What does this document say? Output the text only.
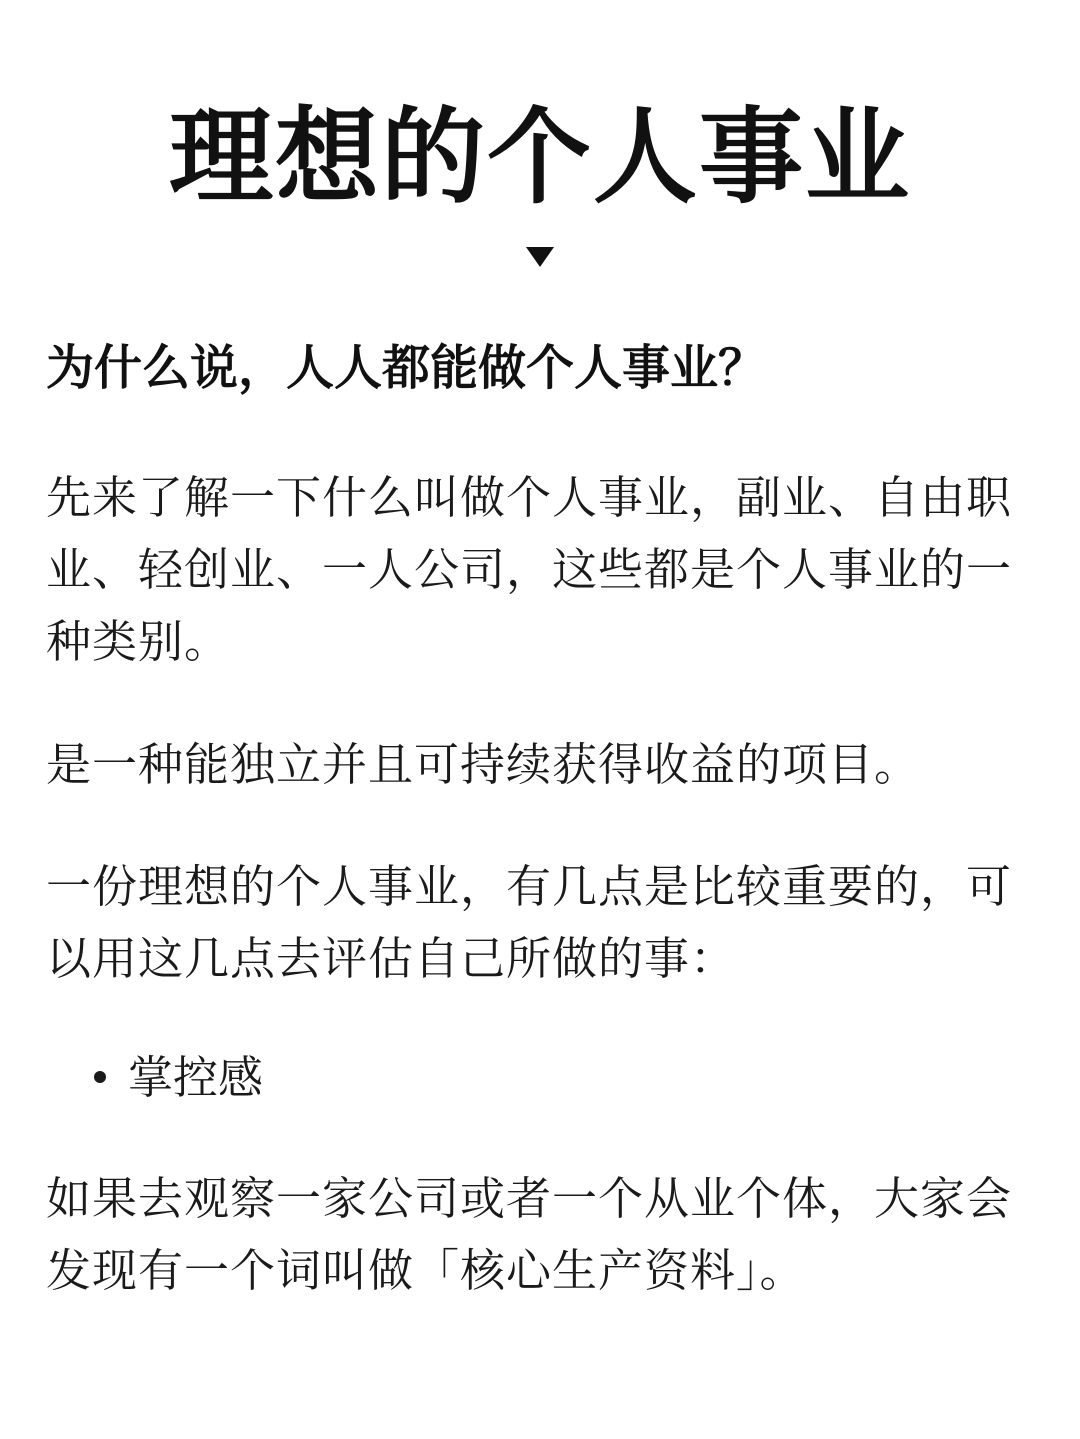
理想的个人事业
为什么说，人人都能做个人事业？
先来了解一下什么叫做个人事业，副业、自由职业、轻创业、一人公司，这些都是个人事业的一种类别。
是一种能独立并且可持续获得收益的项目。
一份理想的个人事业，有几点是比较重要的，可以用这几点去评估自己所做的事：
掌控感
如果去观察一家公司或者一个从业个体，大家会发现有一个词叫做「核心生产资料」。
